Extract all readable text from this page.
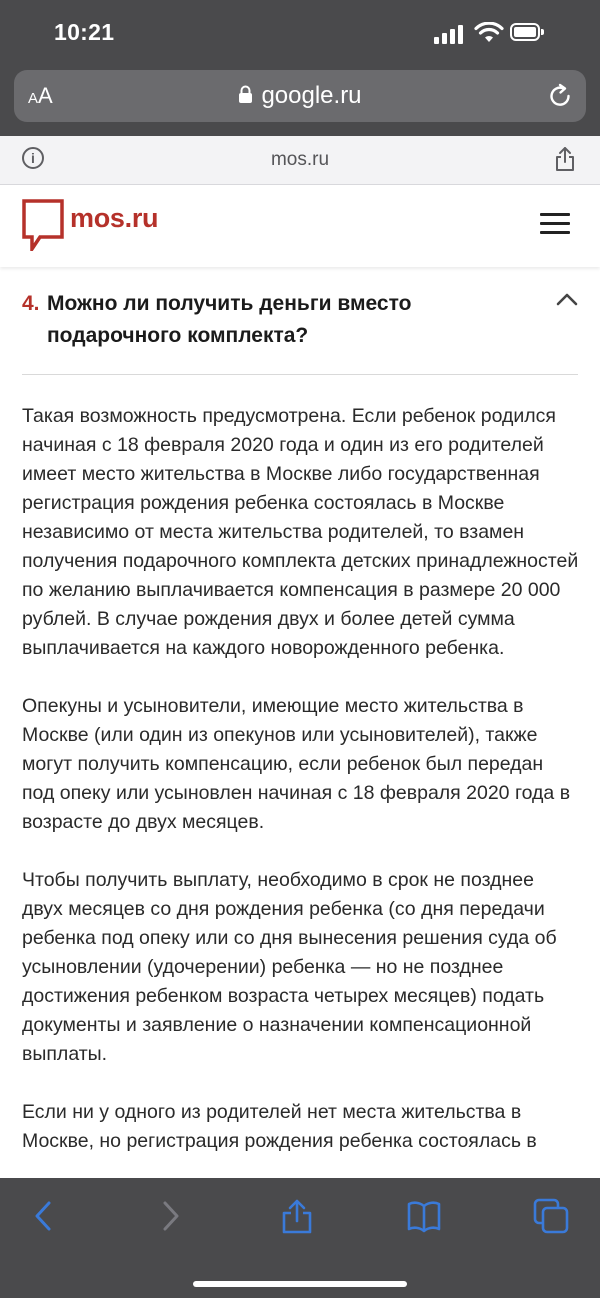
10:21
AA	google.ru
i	mos.ru
mos.ru
4. Можно ли получить деньги вместо подарочного комплекта?

Такая возможность предусмотрена. Если ребенок родился начиная с 18 февраля 2020 года и один из его родителей имеет место жительства в Москве либо государственная регистрация рождения ребенка состоялась в Москве независимо от места жительства родителей, то взамен получения подарочного комплекта детских принадлежностей по желанию выплачивается компенсация в размере 20 000 рублей. В случае рождения двух и более детей сумма выплачивается на каждого новорожденного ребенка.

Опекуны и усыновители, имеющие место жительства в Москве (или один из опекунов или усыновителей), также могут получить компенсацию, если ребенок был передан под опеку или усыновлен начиная с 18 февраля 2020 года в возрасте до двух месяцев.

Чтобы получить выплату, необходимо в срок не позднее двух месяцев со дня рождения ребенка (со дня передачи ребенка под опеку или со дня вынесения решения суда об усыновлении (удочерении) ребенка — но не позднее достижения ребенком возраста четырех месяцев) подать документы и заявление о назначении компенсационной выплаты.

Если ни у одного из родителей нет места жительства в Москве, но регистрация рождения ребенка состоялась в
